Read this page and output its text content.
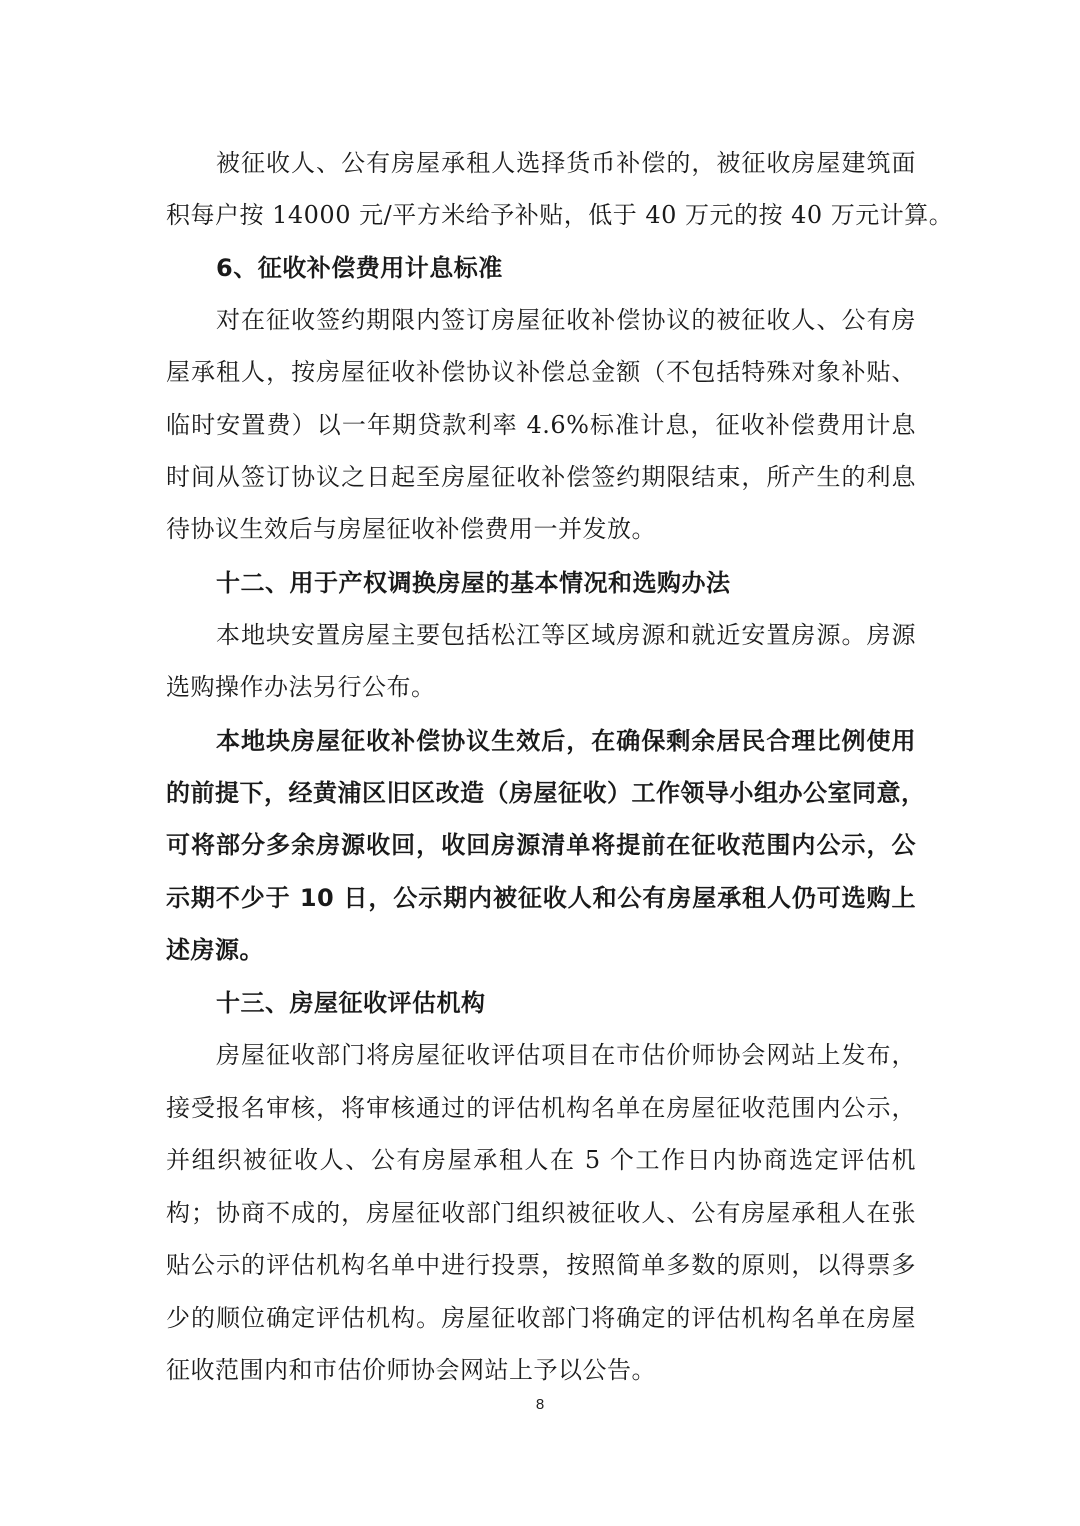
被征收人、公有房屋承租人选择货币补偿的，被征收房屋建筑面
积每户按 14000 元/平方米给予补贴，低于 40 万元的按 40 万元计算。
6、征收补偿费用计息标准
对在征收签约期限内签订房屋征收补偿协议的被征收人、公有房
屋承租人，按房屋征收补偿协议补偿总金额（不包括特殊对象补贴、
临时安置费）以一年期贷款利率 4.6%标准计息，征收补偿费用计息
时间从签订协议之日起至房屋征收补偿签约期限结束，所产生的利息
待协议生效后与房屋征收补偿费用一并发放。
十二、用于产权调换房屋的基本情况和选购办法
本地块安置房屋主要包括松江等区域房源和就近安置房源。房源
选购操作办法另行公布。
本地块房屋征收补偿协议生效后，在确保剩余居民合理比例使用
的前提下，经黄浦区旧区改造（房屋征收）工作领导小组办公室同意，
可将部分多余房源收回，收回房源清单将提前在征收范围内公示，公
示期不少于 10 日，公示期内被征收人和公有房屋承租人仍可选购上
述房源。
十三、房屋征收评估机构
房屋征收部门将房屋征收评估项目在市估价师协会网站上发布，
接受报名审核，将审核通过的评估机构名单在房屋征收范围内公示，
并组织被征收人、公有房屋承租人在 5 个工作日内协商选定评估机
构；协商不成的，房屋征收部门组织被征收人、公有房屋承租人在张
贴公示的评估机构名单中进行投票，按照简单多数的原则，以得票多
少的顺位确定评估机构。房屋征收部门将确定的评估机构名单在房屋
征收范围内和市估价师协会网站上予以公告。
8
